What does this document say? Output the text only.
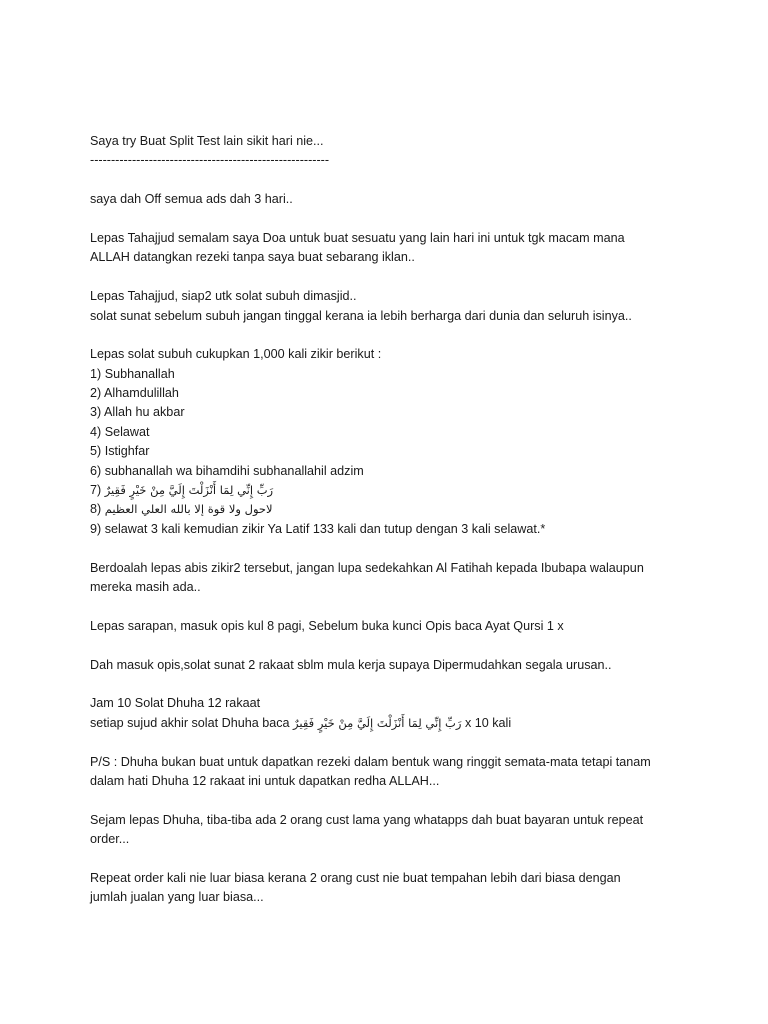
Saya try Buat Split Test lain sikit hari nie...
---------------------------------------------------------
saya dah Off semua ads dah 3 hari..
Lepas Tahajjud semalam saya Doa untuk buat sesuatu yang lain hari ini untuk tgk macam mana
ALLAH datangkan rezeki tanpa saya buat sebarang iklan..
Lepas Tahajjud, siap2 utk solat subuh dimasjid..
solat sunat sebelum subuh jangan tinggal kerana ia lebih berharga dari dunia dan seluruh isinya..
Lepas solat subuh cukupkan 1,000 kali zikir berikut :
1) Subhanallah
2) Alhamdulillah
3) Allah hu akbar
4) Selawat
5) Istighfar
6) subhanallah wa bihamdihi subhanallahil adzim
7) رَبِّ إِنِّي لِمَا أَنْزَلْتَ إِلَيَّ مِنْ خَيْرٍ فَقِيرٌ
8) لاحول ولا قوة إلا بالله العلي العظيم
9) selawat 3 kali kemudian zikir Ya Latif 133 kali dan tutup dengan 3 kali selawat.*
Berdoalah lepas abis zikir2 tersebut, jangan lupa sedekahkan Al Fatihah kepada Ibubapa walaupun
mereka masih ada..
Lepas sarapan, masuk opis kul 8 pagi, Sebelum buka kunci Opis baca Ayat Qursi 1 x
Dah masuk opis,solat sunat 2 rakaat sblm mula kerja supaya Dipermudahkan segala urusan..
Jam 10 Solat Dhuha 12 rakaat
setiap sujud akhir solat Dhuha baca رَبِّ إِنِّي لِمَا أَنْزَلْتَ إِلَيَّ مِنْ خَيْرٍ فَقِيرٌ x 10 kali
P/S : Dhuha bukan buat untuk dapatkan rezeki dalam bentuk wang ringgit semata-mata tetapi tanam
dalam hati Dhuha 12 rakaat ini untuk dapatkan redha ALLAH...
Sejam lepas Dhuha, tiba-tiba ada 2 orang cust lama yang whatapps dah buat bayaran untuk repeat
order...
Repeat order kali nie luar biasa kerana 2 orang cust nie buat tempahan lebih dari biasa dengan
jumlah jualan yang luar biasa...
